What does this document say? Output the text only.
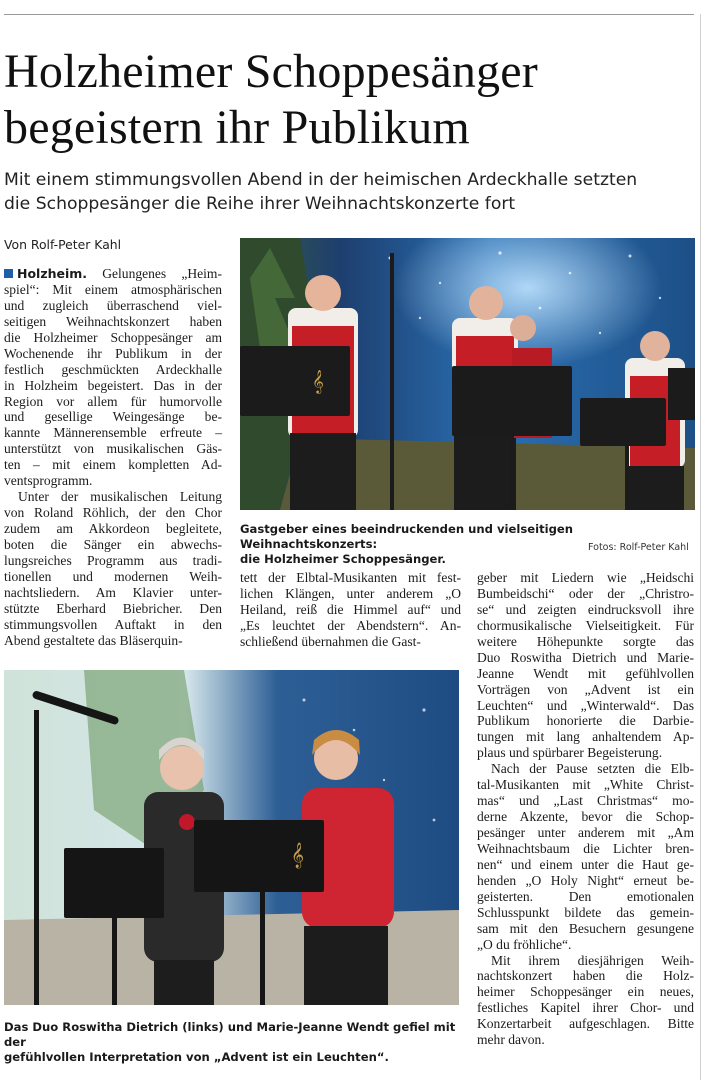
Holzheimer Schoppesänger
begeistern ihr Publikum

Mit einem stimmungsvollen Abend in der heimischen Ardeckhalle setzten
die Schoppesänger die Reihe ihrer Weihnachtskonzerte fort

Von Rolf-Peter Kahl
Holzheim. Gelungenes „Heim-
spiel“: Mit einem atmosphärischen
und zugleich überraschend viel-
seitigen Weihnachtskonzert haben
die Holzheimer Schoppesänger am
Wochenende ihr Publikum in der
festlich geschmückten Ardeckhalle
in Holzheim begeistert. Das in der
Region vor allem für humorvolle
und gesellige Weingesänge be-
kannte Männerensemble erfreute –
unterstützt von musikalischen Gäs-
ten – mit einem kompletten Ad-
ventsprogramm.
Unter der musikalischen Leitung
von Roland Röhlich, der den Chor
zudem am Akkordeon begleitete,
boten die Sänger ein abwechs-
lungsreiches Programm aus tradi-
tionellen und modernen Weih-
nachtsliedern. Am Klavier unter-
stützte Eberhard Biebricher. Den
stimmungsvollen Auftakt in den
Abend gestaltete das Bläserquin-
tett der Elbtal-Musikanten mit fest-
lichen Klängen, unter anderem „O
Heiland, reiß die Himmel auf“ und
„Es leuchtet der Abendstern“. An-
schließend übernahmen die Gast-
geber mit Liedern wie „Heidschi
Bumbeidschi“ oder der „Christro-
se“ und zeigten eindrucksvoll ihre
chormusikalische Vielseitigkeit. Für
weitere Höhepunkte sorgte das
Duo Roswitha Dietrich und Marie-
Jeanne Wendt mit gefühlvollen
Vorträgen von „Advent ist ein
Leuchten“ und „Winterwald“. Das
Publikum honorierte die Darbie-
tungen mit lang anhaltendem Ap-
plaus und spürbarer Begeisterung.
Nach der Pause setzten die Elb-
tal-Musikanten mit „White Christ-
mas“ und „Last Christmas“ mo-
derne Akzente, bevor die Schop-
pesänger unter anderem mit „Am
Weihnachtsbaum die Lichter bren-
nen“ und einem unter die Haut ge-
henden „O Holy Night“ erneut be-
geisterten. Den emotionalen
Schlusspunkt bildete das gemein-
sam mit den Besuchern gesungene
„O du fröhliche“.
Mit ihrem diesjährigen Weih-
nachtskonzert haben die Holz-
heimer Schoppesänger ein neues,
festliches Kapitel ihrer Chor- und
Konzertarbeit aufgeschlagen. Bitte
mehr davon.
𝄞
Gastgeber eines beeindruckenden und vielseitigen Weihnachtskonzerts:
die Holzheimer Schoppesänger.
Fotos: Rolf-Peter Kahl
𝄞
Das Duo Roswitha Dietrich (links) und Marie-Jeanne Wendt gefiel mit der
gefühlvollen Interpretation von „Advent ist ein Leuchten“.
